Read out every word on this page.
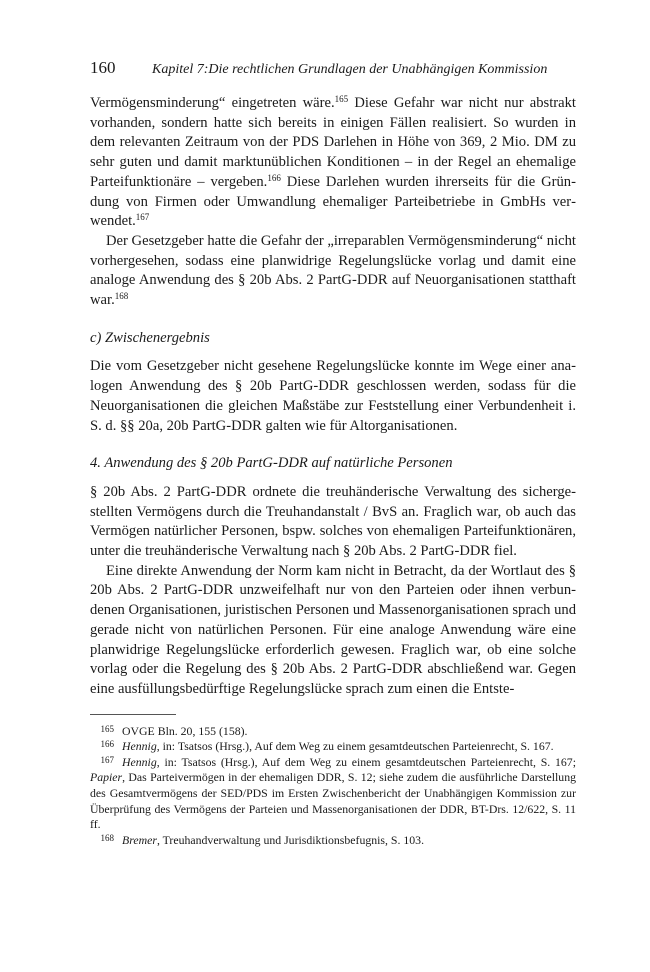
160	Kapitel 7:Die rechtlichen Grundlagen der Unabhängigen Kommission

Vermögensminderung“ eingetreten wäre.$^{165}$ Diese Gefahr war nicht nur abstrakt vorhanden, sondern hatte sich bereits in einigen Fällen realisiert. So wurden in dem relevanten Zeitraum von der PDS Darlehen in Höhe von 369, 2 Mio. DM zu sehr guten und damit marktunüblichen Konditionen – in der Regel an ehemalige Parteifunktionäre – vergeben.$^{166}$ Diese Darlehen wurden ihrerseits für die Gründung von Firmen oder Umwandlung ehemaliger Parteibetriebe in GmbHs verwendet.$^{167}$

Der Gesetzgeber hatte die Gefahr der „irreparablen Vermögensminderung“ nicht vorhergesehen, sodass eine planwidrige Regelungslücke vorlag und damit eine analoge Anwendung des § 20b Abs. 2 PartG-DDR auf Neuorganisationen statthaft war.$^{168}$

c) Zwischenergebnis

Die vom Gesetzgeber nicht gesehene Regelungslücke konnte im Wege einer analogen Anwendung des § 20b PartG-DDR geschlossen werden, sodass für die Neuorganisationen die gleichen Maßstäbe zur Feststellung einer Verbundenheit i. S. d. §§ 20a, 20b PartG-DDR galten wie für Altorganisationen.

4. Anwendung des § 20b PartG-DDR auf natürliche Personen

§ 20b Abs. 2 PartG-DDR ordnete die treuhänderische Verwaltung des sichergestellten Vermögens durch die Treuhandanstalt / BvS an. Fraglich war, ob auch das Vermögen natürlicher Personen, bspw. solches von ehemaligen Parteifunktionären, unter die treuhänderische Verwaltung nach § 20b Abs. 2 PartG-DDR fiel.

Eine direkte Anwendung der Norm kam nicht in Betracht, da der Wortlaut des § 20b Abs. 2 PartG-DDR unzweifelhaft nur von den Parteien oder ihnen verbundenen Organisationen, juristischen Personen und Massenorganisationen sprach und gerade nicht von natürlichen Personen. Für eine analoge Anwendung wäre eine planwidrige Regelungslücke erforderlich gewesen. Fraglich war, ob eine solche vorlag oder die Regelung des § 20b Abs. 2 PartG-DDR abschließend war. Gegen eine ausfüllungsbedürftige Regelungslücke sprach zum einen die Entste-

165 OVGE Bln. 20, 155 (158).

166 Hennig, in: Tsatsos (Hrsg.), Auf dem Weg zu einem gesamtdeutschen Parteienrecht, S. 167.

167 Hennig, in: Tsatsos (Hrsg.), Auf dem Weg zu einem gesamtdeutschen Parteienrecht, S. 167; Papier, Das Parteivermögen in der ehemaligen DDR, S. 12; siehe zudem die ausführliche Darstellung des Gesamtvermögens der SED/PDS im Ersten Zwischenbericht der Unabhängigen Kommission zur Überprüfung des Vermögens der Parteien und Massenorganisationen der DDR, BT-Drs. 12/622, S. 11 ff.

168 Bremer, Treuhandverwaltung und Jurisdiktionsbefugnis, S. 103.
